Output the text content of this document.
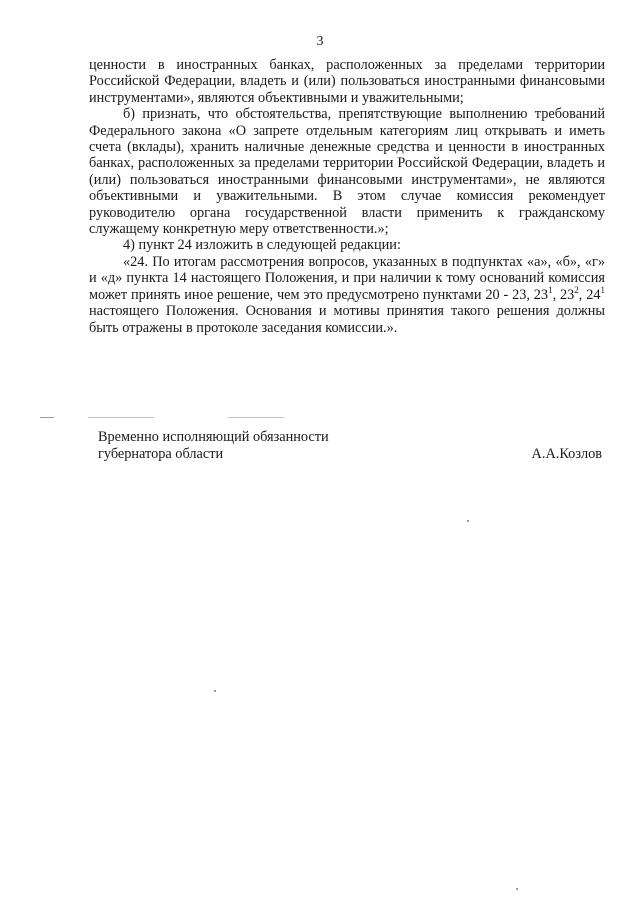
3

ценности в иностранных банках, расположенных за пределами территории Российской Федерации, владеть и (или) пользоваться иностранными финансовыми инструментами», являются объективными и уважительными;

б) признать, что обстоятельства, препятствующие выполнению требований Федерального закона «О запрете отдельным категориям лиц открывать и иметь счета (вклады), хранить наличные денежные средства и ценности в иностранных банках, расположенных за пределами территории Российской Федерации, владеть и (или) пользоваться иностранными финансовыми инструментами», не являются объективными и уважительными. В этом случае комиссия рекомендует руководителю органа государственной власти применить к гражданскому служащему конкретную меру ответственности.»;

4) пункт 24 изложить в следующей редакции:

«24. По итогам рассмотрения вопросов, указанных в подпунктах «а», «б», «г» и «д» пункта 14 настоящего Положения, и при наличии к тому оснований комиссия может принять иное решение, чем это предусмотрено пунктами 20 - 23, $23^1$, $23^2$, $24^1$ настоящего Положения. Основания и мотивы принятия такого решения должны быть отражены в протоколе заседания комиссии.».

Временно исполняющий обязанности

губернатора области	А.А.Козлов
